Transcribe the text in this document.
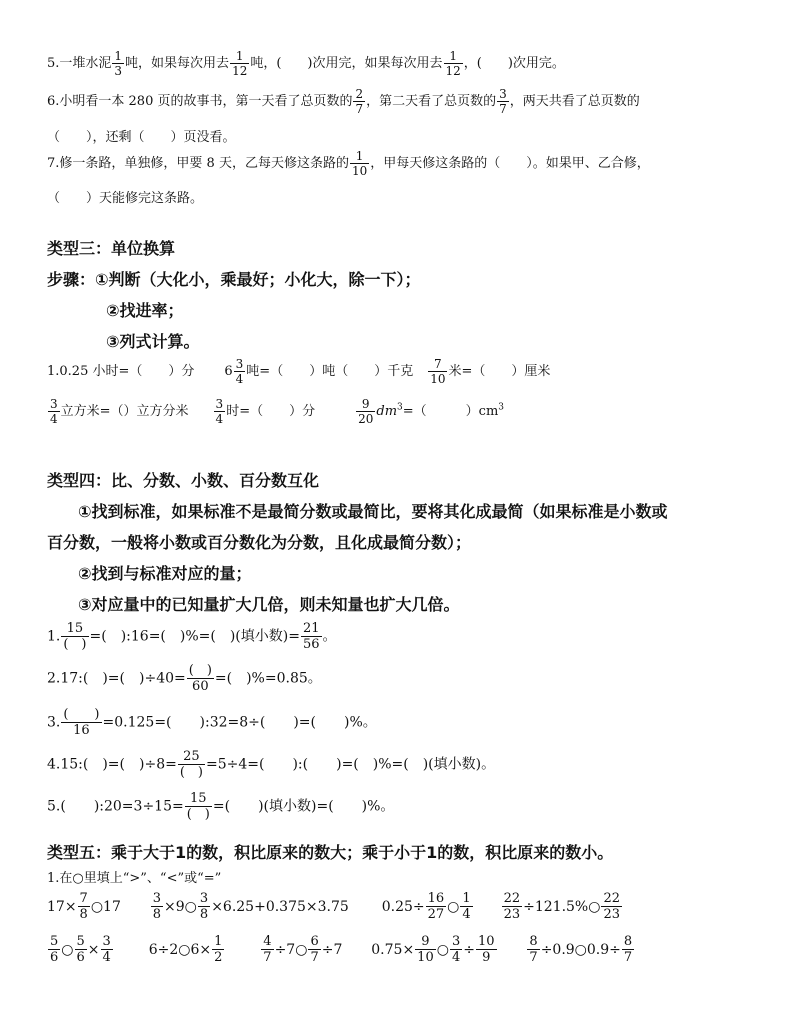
5.一堆水泥 $\frac{1}{3}$ 吨，如果每次用去 $\frac{1}{12}$ 吨，(　　)次用完，如果每次用去 $\frac{1}{12}$ ，(　　)次用完。
6.小明看一本 280 页的故事书，第一天看了总页数的 $\frac{2}{7}$ ，第二天看了总页数的 $\frac{3}{7}$ ，两天共看了总页数的
（　　），还剩（　　）页没看。
7.修一条路，单独修，甲要 8 天，乙每天修这条路的 $\frac{1}{10}$ ，甲每天修这条路的（　　）。如果甲、乙合修，
（　　）天能修完这条路。
类型三：单位换算
步骤：①判断（大化小，乘最好；小化大，除一下）；
②找进率；
③列式计算。
1.0.25 小时=（　　）分 $6 \frac{3}{4}$ 吨=（　　）吨（　　）千克 $\frac{7}{10}$ 米=（　　）厘米
$\frac{3}{4}$ 立方米=（）立方分米 $\frac{3}{4}$ 时=（　　）分	$\frac{9}{20} dm^3=$（　　　）$cm^3$
类型四：比、分数、小数、百分数互化
①找到标准，如果标准不是最简分数或最简比，要将其化成最简（如果标准是小数或
百分数，一般将小数或百分数化为分数，且化成最简分数）；
②找到与标准对应的量；
③对应量中的已知量扩大几倍，则未知量也扩大几倍。
1. $\frac{15}{( )}$ =(　):16=(　)%=(　)(填小数)= $\frac{21}{56}$ 。
2.17:(　)=(　)$\div 40= \frac{( )}{60}$ =(　)%=0.85。
3. $\frac{( )}{16} =0.125=$(　　):32=8÷(　　)=(　　)%。
4.15:(　)=(　)$\div 8= \frac{25}{( )} =5\div 4=$(　　):(　　)=(　)%=(　)(填小数)。
5.(　　):20=3÷15= $\frac{15}{( )}$ =(　　)(填小数)=(　　)%。
类型五：乘于大于1的数，积比原来的数大；乘于小于1的数，积比原来的数小。
1.在○里填上“>”、“<”或“=”
$17\times \frac{7}{8}$ ○17 $\frac{3}{8}$ ×9○ $\frac{3}{8} \times 6.25+0.375\times 3.75$ $0.25\div \frac{16}{27}$ ○ $\frac{1}{4}$
$\frac{22}{23}$ ÷121.5%○ $\frac{22}{23}$
$\frac{5}{6}$ ○ $\frac{5}{6} \times \frac{3}{4}$	6÷2○6× $\frac{1}{2}$
	$\frac{4}{7}$ ÷7○ $\frac{6}{7} \div 7$ $0.75\times \frac{9}{10}$ ○ $\frac{3}{4} \div \frac{10}{9}$
$\frac{8}{7}$ ÷0.9○0.9÷ $\frac{8}{7}$
